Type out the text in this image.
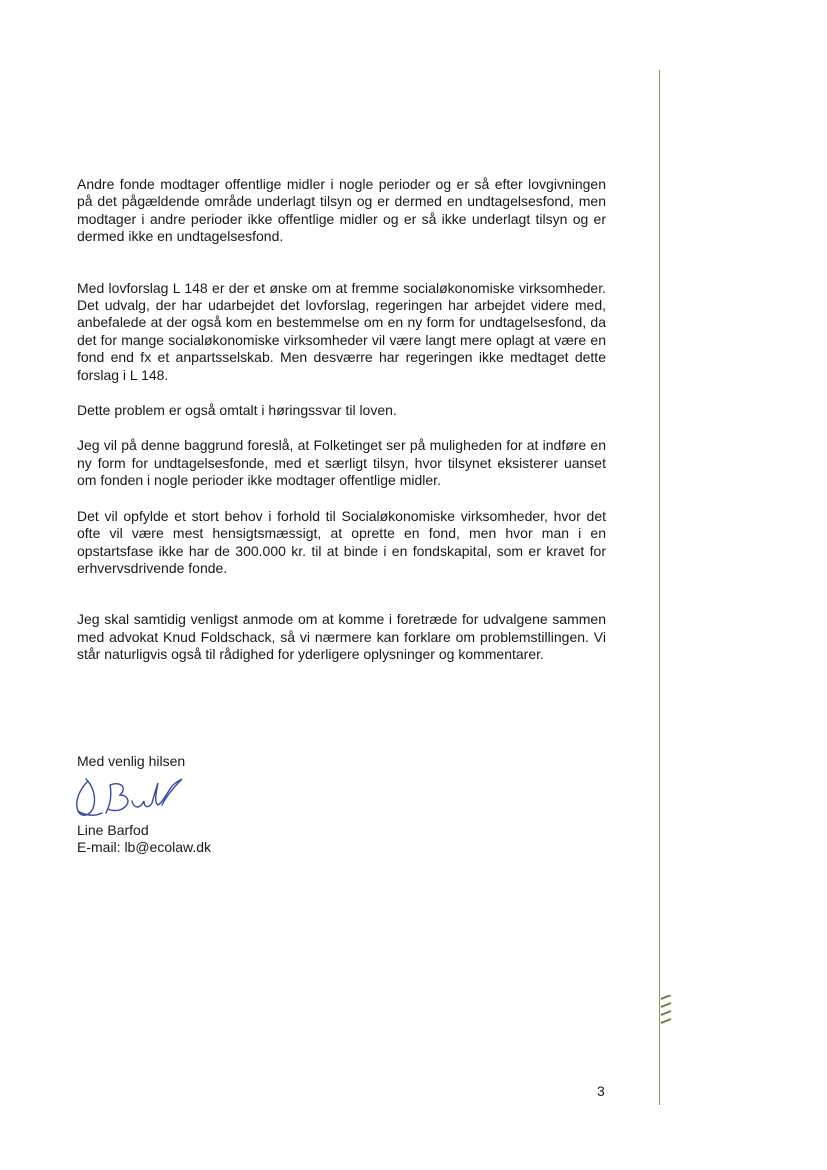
Andre fonde modtager offentlige midler i nogle perioder og er så efter lovgivningen på det pågældende område underlagt tilsyn og er dermed en undtagelsesfond, men modtager i andre perioder ikke offentlige midler og er så ikke underlagt tilsyn og er dermed ikke en undtagelsesfond.

Med lovforslag L 148 er der et ønske om at fremme socialøkonomiske virksomheder. Det udvalg, der har udarbejdet det lovforslag, regeringen har arbejdet videre med, anbefalede at der også kom en bestemmelse om en ny form for undtagelsesfond, da det for mange socialøkonomiske virksomheder vil være langt mere oplagt at være en fond end fx et anpartsselskab. Men desværre har regeringen ikke medtaget dette forslag i L 148.

Dette problem er også omtalt i høringssvar til loven.

Jeg vil på denne baggrund foreslå, at Folketinget ser på muligheden for at indføre en ny form for undtagelsesfonde, med et særligt tilsyn, hvor tilsynet eksisterer uanset om fonden i nogle perioder ikke modtager offentlige midler.

Det vil opfylde et stort behov i forhold til Socialøkonomiske virksomheder, hvor det ofte vil være mest hensigtsmæssigt, at oprette en fond, men hvor man i en opstartsfase ikke har de 300.000 kr. til at binde i en fondskapital, som er kravet for erhvervsdrivende fonde.

Jeg skal samtidig venligst anmode om at komme i foretræde for udvalgene sammen med advokat Knud Foldschack, så vi nærmere kan forklare om problemstillingen. Vi står naturligvis også til rådighed for yderligere oplysninger og kommentarer.

Med venlig hilsen
Line Barfod
E-mail: lb@ecolaw.dk
3
